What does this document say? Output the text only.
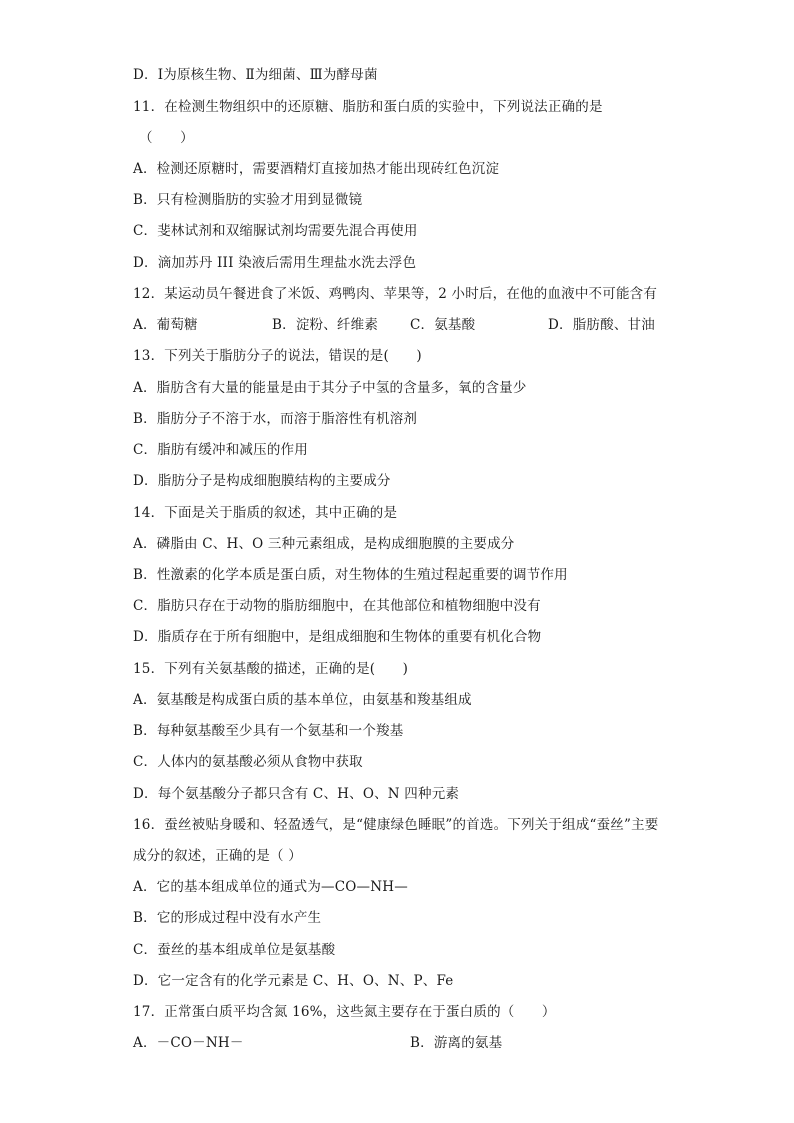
D．Ⅰ为原核生物、Ⅱ为细菌、Ⅲ为酵母菌
11．在检测生物组织中的还原糖、脂肪和蛋白质的实验中，下列说法正确的是
（　　）
A．检测还原糖时，需要酒精灯直接加热才能出现砖红色沉淀
B．只有检测脂肪的实验才用到显微镜
C．斐林试剂和双缩脲试剂均需要先混合再使用
D．滴加苏丹 III 染液后需用生理盐水洗去浮色
12．某运动员午餐进食了米饭、鸡鸭肉、苹果等，2 小时后，在他的血液中不可能含有
A．葡萄糖	B．淀粉、纤维素 C．氨基酸	D．脂肪酸、甘油
13．下列关于脂肪分子的说法，错误的是(　　)
A．脂肪含有大量的能量是由于其分子中氢的含量多，氧的含量少
B．脂肪分子不溶于水，而溶于脂溶性有机溶剂
C．脂肪有缓冲和减压的作用
D．脂肪分子是构成细胞膜结构的主要成分
14．下面是关于脂质的叙述，其中正确的是
A．磷脂由 C、H、O 三种元素组成，是构成细胞膜的主要成分
B．性激素的化学本质是蛋白质，对生物体的生殖过程起重要的调节作用
C．脂肪只存在于动物的脂肪细胞中，在其他部位和植物细胞中没有
D．脂质存在于所有细胞中，是组成细胞和生物体的重要有机化合物
15．下列有关氨基酸的描述，正确的是(　　)
A．氨基酸是构成蛋白质的基本单位，由氨基和羧基组成
B．每种氨基酸至少具有一个氨基和一个羧基
C．人体内的氨基酸必须从食物中获取
D．每个氨基酸分子都只含有 C、H、O、N 四种元素
16．蚕丝被贴身暖和、轻盈透气，是“健康绿色睡眠”的首选。下列关于组成“蚕丝”主要
成分的叙述，正确的是（ ）
A．它的基本组成单位的通式为—CO—NH—
B．它的形成过程中没有水产生
C．蚕丝的基本组成单位是氨基酸
D．它一定含有的化学元素是 C、H、O、N、P、Fe
17．正常蛋白质平均含氮 16%，这些氮主要存在于蛋白质的（　　）
A．－CO－NH－	B．游离的氨基
